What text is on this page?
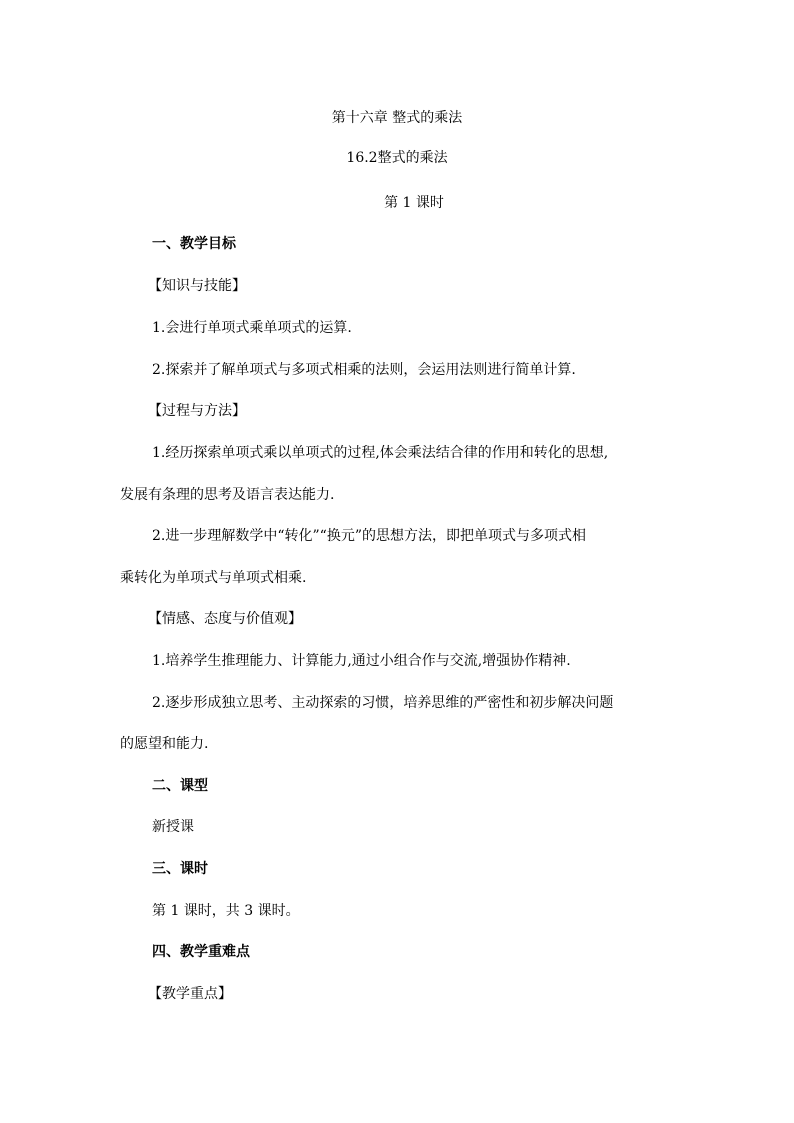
第十六章 整式的乘法
16.2整式的乘法
第 1 课时
一、教学目标
【知识与技能】
1.会进行单项式乘单项式的运算.
2.探索并了解单项式与多项式相乘的法则，会运用法则进行简单计算.
【过程与方法】
1.经历探索单项式乘以单项式的过程,体会乘法结合律的作用和转化的思想,
发展有条理的思考及语言表达能力.
2.进一步理解数学中“转化”“换元”的思想方法，即把单项式与多项式相
乘转化为单项式与单项式相乘.
【情感、态度与价值观】
1.培养学生推理能力、计算能力,通过小组合作与交流,增强协作精神.
2.逐步形成独立思考、主动探索的习惯，培养思维的严密性和初步解决问题
的愿望和能力.
二、课型
新授课
三、课时
第 1 课时，共 3 课时。
四、教学重难点
【教学重点】
